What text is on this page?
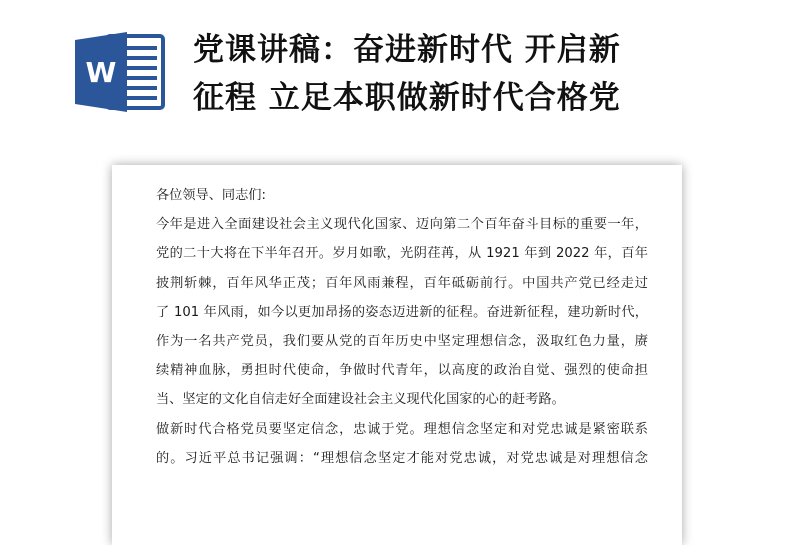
W
党课讲稿：奋进新时代 开启新
征程 立足本职做新时代合格党
各位领导、同志们:
今年是进入全面建设社会主义现代化国家、迈向第二个百年奋斗目标的重要一年，
党的二十大将在下半年召开。岁月如歌，光阴荏苒，从 1921 年到 2022 年，百年
披荆斩棘，百年风华正茂；百年风雨兼程，百年砥砺前行。中国共产党已经走过
了 101 年风雨，如今以更加昂扬的姿态迈进新的征程。奋进新征程，建功新时代，
作为一名共产党员，我们要从党的百年历史中坚定理想信念，汲取红色力量，赓
续精神血脉，勇担时代使命，争做时代青年，以高度的政治自觉、强烈的使命担
当、坚定的文化自信走好全面建设社会主义现代化国家的心的赶考路。
做新时代合格党员要坚定信念，忠诚于党。理想信念坚定和对党忠诚是紧密联系
的。习近平总书记强调：“理想信念坚定才能对党忠诚，对党忠诚是对理想信念
